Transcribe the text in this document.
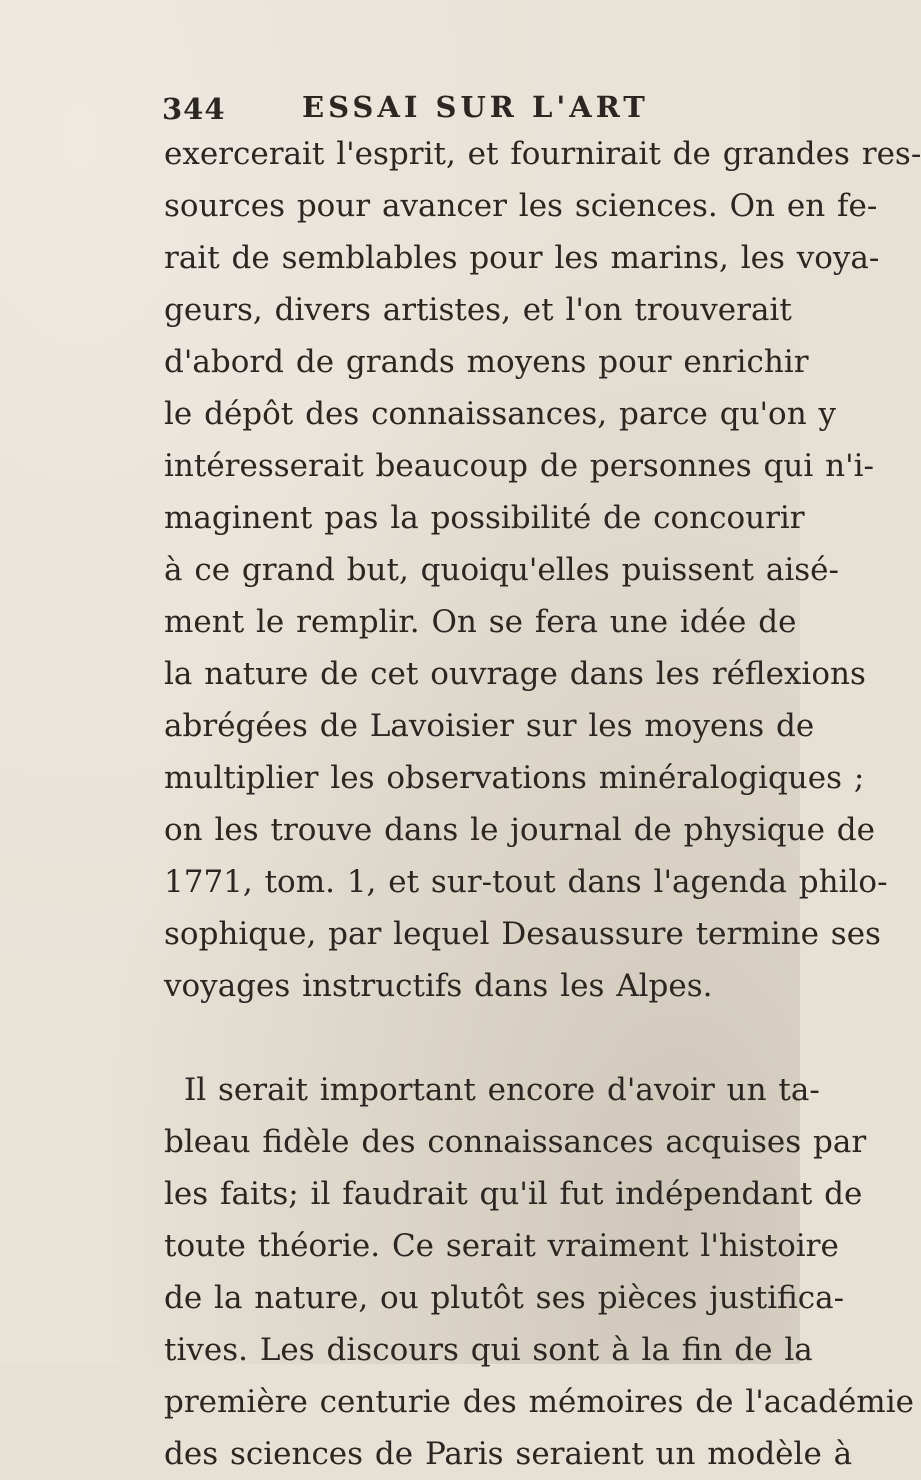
344	ESSAI SUR L'ART
exercerait l'esprit, et fournirait de grandes res-
sources pour avancer les sciences. On en fe-
rait de semblables pour les marins, les voya-
geurs, divers artistes, et l'on trouverait
d'abord de grands moyens pour enrichir
le dépôt des connaissances, parce qu'on y
intéresserait beaucoup de personnes qui n'i-
maginent pas la possibilité de concourir
à ce grand but, quoiqu'elles puissent aisé-
ment le remplir. On se fera une idée de
la nature de cet ouvrage dans les réflexions
abrégées de Lavoisier sur les moyens de
multiplier les observations minéralogiques ;
on les trouve dans le journal de physique de
1771, tom. 1, et sur-tout dans l'agenda philo-
sophique, par lequel Desaussure termine ses
voyages instructifs dans les Alpes.
Il serait important encore d'avoir un ta-
bleau fidèle des connaissances acquises par
les faits; il faudrait qu'il fut indépendant de
toute théorie. Ce serait vraiment l'histoire
de la nature, ou plutôt ses pièces justifica-
tives. Les discours qui sont à la fin de la
première centurie des mémoires de l'académie
des sciences de Paris seraient un modèle à
